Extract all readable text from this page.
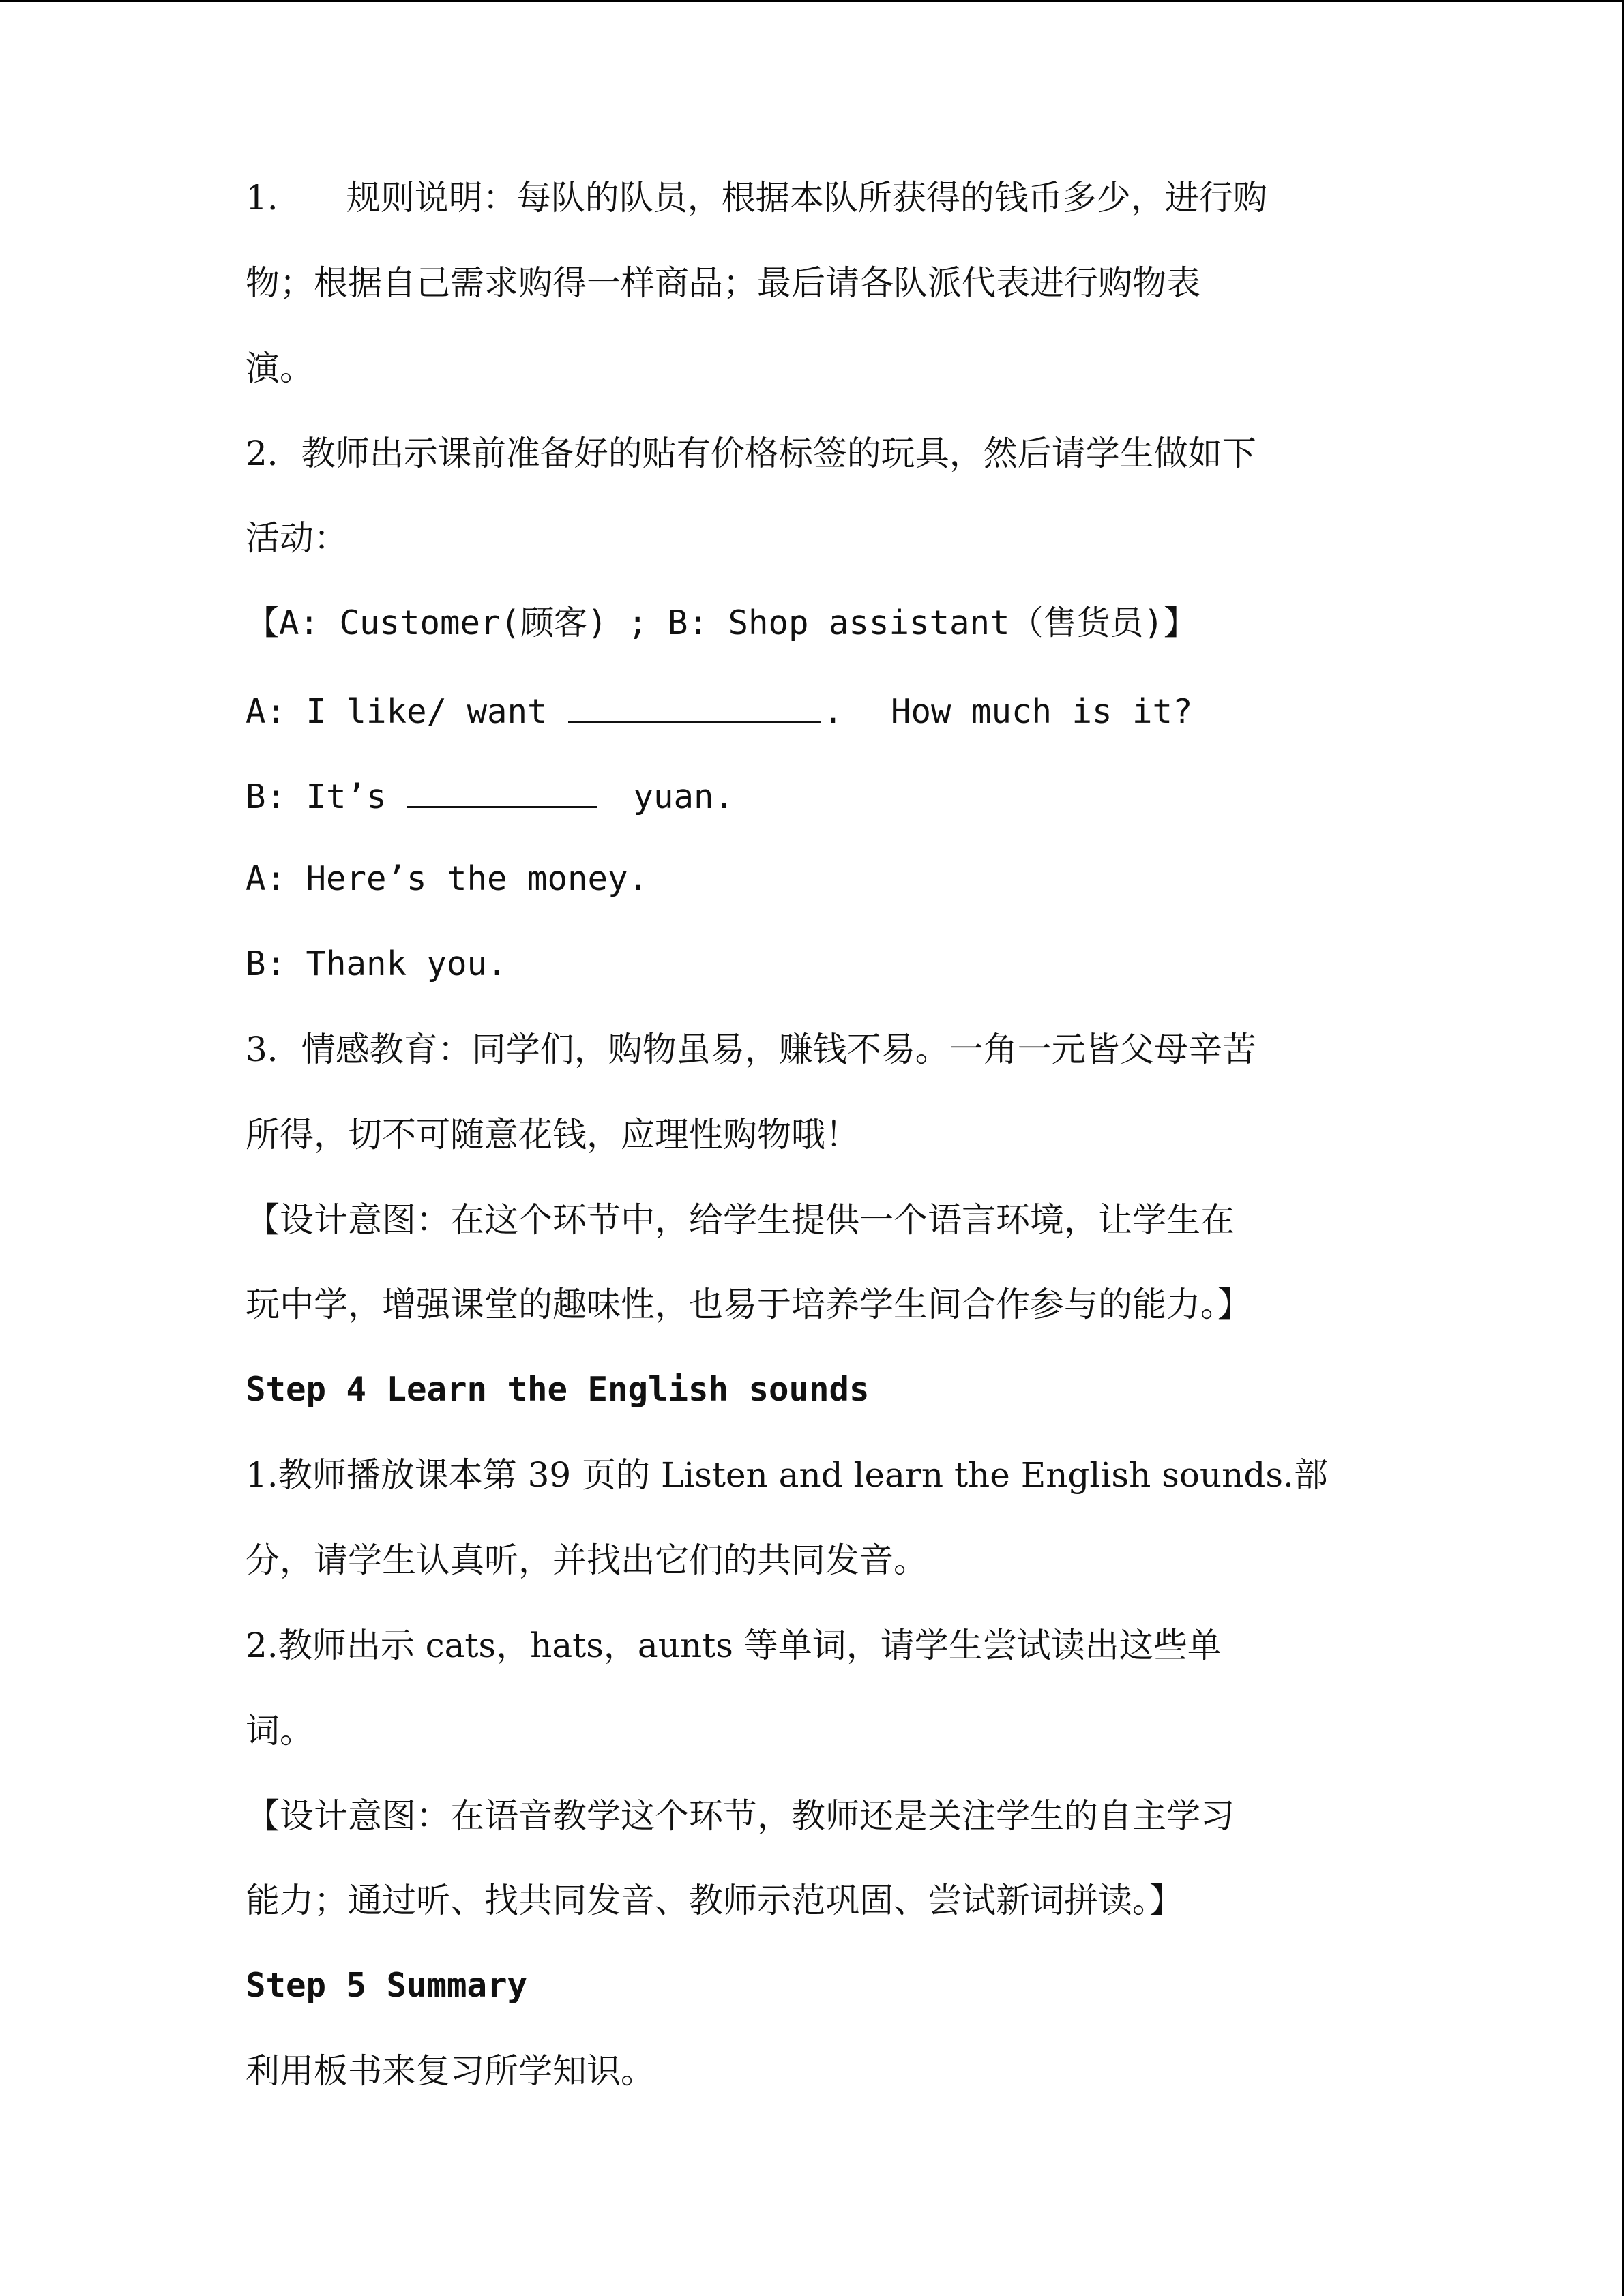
1. 规则说明：每队的队员，根据本队所获得的钱币多少，进行购
物；根据自己需求购得一样商品；最后请各队派代表进行购物表
演。
2．教师出示课前准备好的贴有价格标签的玩具，然后请学生做如下
活动：
【A: Customer(顾客) ; B: Shop assistant（售货员)】
A: I like/ want	. How much is it?
B: It’s	yuan.
A: Here’s the money.
B: Thank you.
3．情感教育：同学们，购物虽易，赚钱不易。一角一元皆父母辛苦
所得，切不可随意花钱，应理性购物哦！
【设计意图：在这个环节中，给学生提供一个语言环境，让学生在
玩中学，增强课堂的趣味性，也易于培养学生间合作参与的能力。】
Step 4 Learn the English sounds
1.教师播放课本第 39 页的 Listen and learn the English sounds.部
分，请学生认真听，并找出它们的共同发音。
2.教师出示 cats，hats，aunts 等单词，请学生尝试读出这些单
词。
【设计意图：在语音教学这个环节，教师还是关注学生的自主学习
能力；通过听、找共同发音、教师示范巩固、尝试新词拼读。】
Step 5 Summary
利用板书来复习所学知识。
